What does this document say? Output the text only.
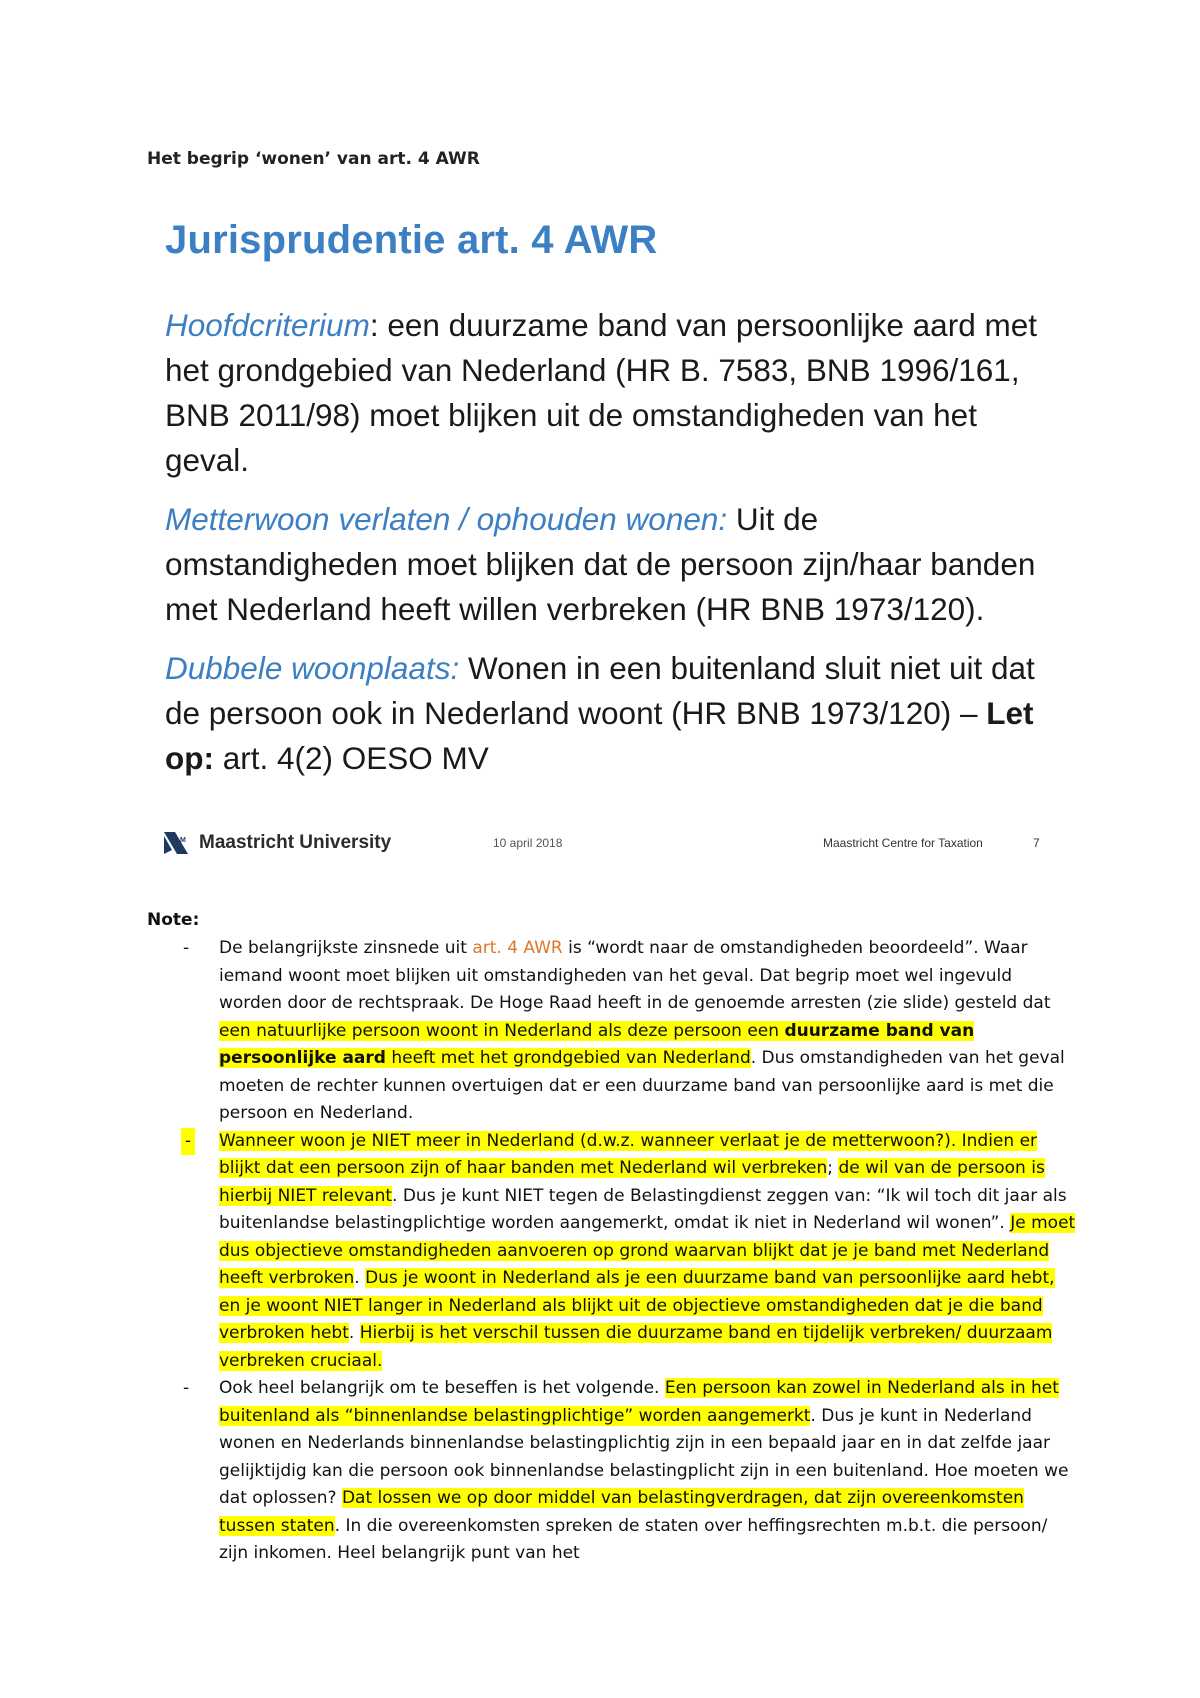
Het begrip ‘wonen’ van art. 4 AWR
Jurisprudentie art. 4 AWR
Hoofdcriterium: een duurzame band van persoonlijke aard met het grondgebied van Nederland (HR B. 7583, BNB 1996/161, BNB 2011/98) moet blijken uit de omstandigheden van het geval.
Metterwoon verlaten / ophouden wonen: Uit de omstandigheden moet blijken dat de persoon zijn/haar banden met Nederland heeft willen verbreken (HR BNB 1973/120).
Dubbele woonplaats: Wonen in een buitenland sluit niet uit dat de persoon ook in Nederland woont (HR BNB 1973/120) – Let op: art. 4(2) OESO MV
M Maastricht University	10 april 2018	Maastricht Centre for Taxation	7
Note:
-	De belangrijkste zinsnede uit art. 4 AWR is “wordt naar de omstandigheden beoordeeld”. Waar iemand woont moet blijken uit omstandigheden van het geval. Dat begrip moet wel ingevuld worden door de rechtspraak. De Hoge Raad heeft in de genoemde arresten (zie slide) gesteld dat een natuurlijke persoon woont in Nederland als deze persoon een duurzame band van persoonlijke aard heeft met het grondgebied van Nederland. Dus omstandigheden van het geval moeten de rechter kunnen overtuigen dat er een duurzame band van persoonlijke aard is met die persoon en Nederland.
- Wanneer woon je NIET meer in Nederland (d.w.z. wanneer verlaat je de metterwoon?). Indien er blijkt dat een persoon zijn of haar banden met Nederland wil verbreken; de wil van de persoon is hierbij NIET relevant. Dus je kunt NIET tegen de Belastingdienst zeggen van: “Ik wil toch dit jaar als buitenlandse belastingplichtige worden aangemerkt, omdat ik niet in Nederland wil wonen”. Je moet dus objectieve omstandigheden aanvoeren op grond waarvan blijkt dat je je band met Nederland heeft verbroken. Dus je woont in Nederland als je een duurzame band van persoonlijke aard hebt, en je woont NIET langer in Nederland als blijkt uit de objectieve omstandigheden dat je die band verbroken hebt. Hierbij is het verschil tussen die duurzame band en tijdelijk verbreken/ duurzaam verbreken cruciaal.
-	Ook heel belangrijk om te beseffen is het volgende. Een persoon kan zowel in Nederland als in het buitenland als “binnenlandse belastingplichtige” worden aangemerkt. Dus je kunt in Nederland wonen en Nederlands binnenlandse belastingplichtig zijn in een bepaald jaar en in dat zelfde jaar gelijktijdig kan die persoon ook binnenlandse belastingplicht zijn in een buitenland. Hoe moeten we dat oplossen? Dat lossen we op door middel van belastingverdragen, dat zijn overeenkomsten tussen staten. In die overeenkomsten spreken de staten over heffingsrechten m.b.t. die persoon/ zijn inkomen. Heel belangrijk punt van het
